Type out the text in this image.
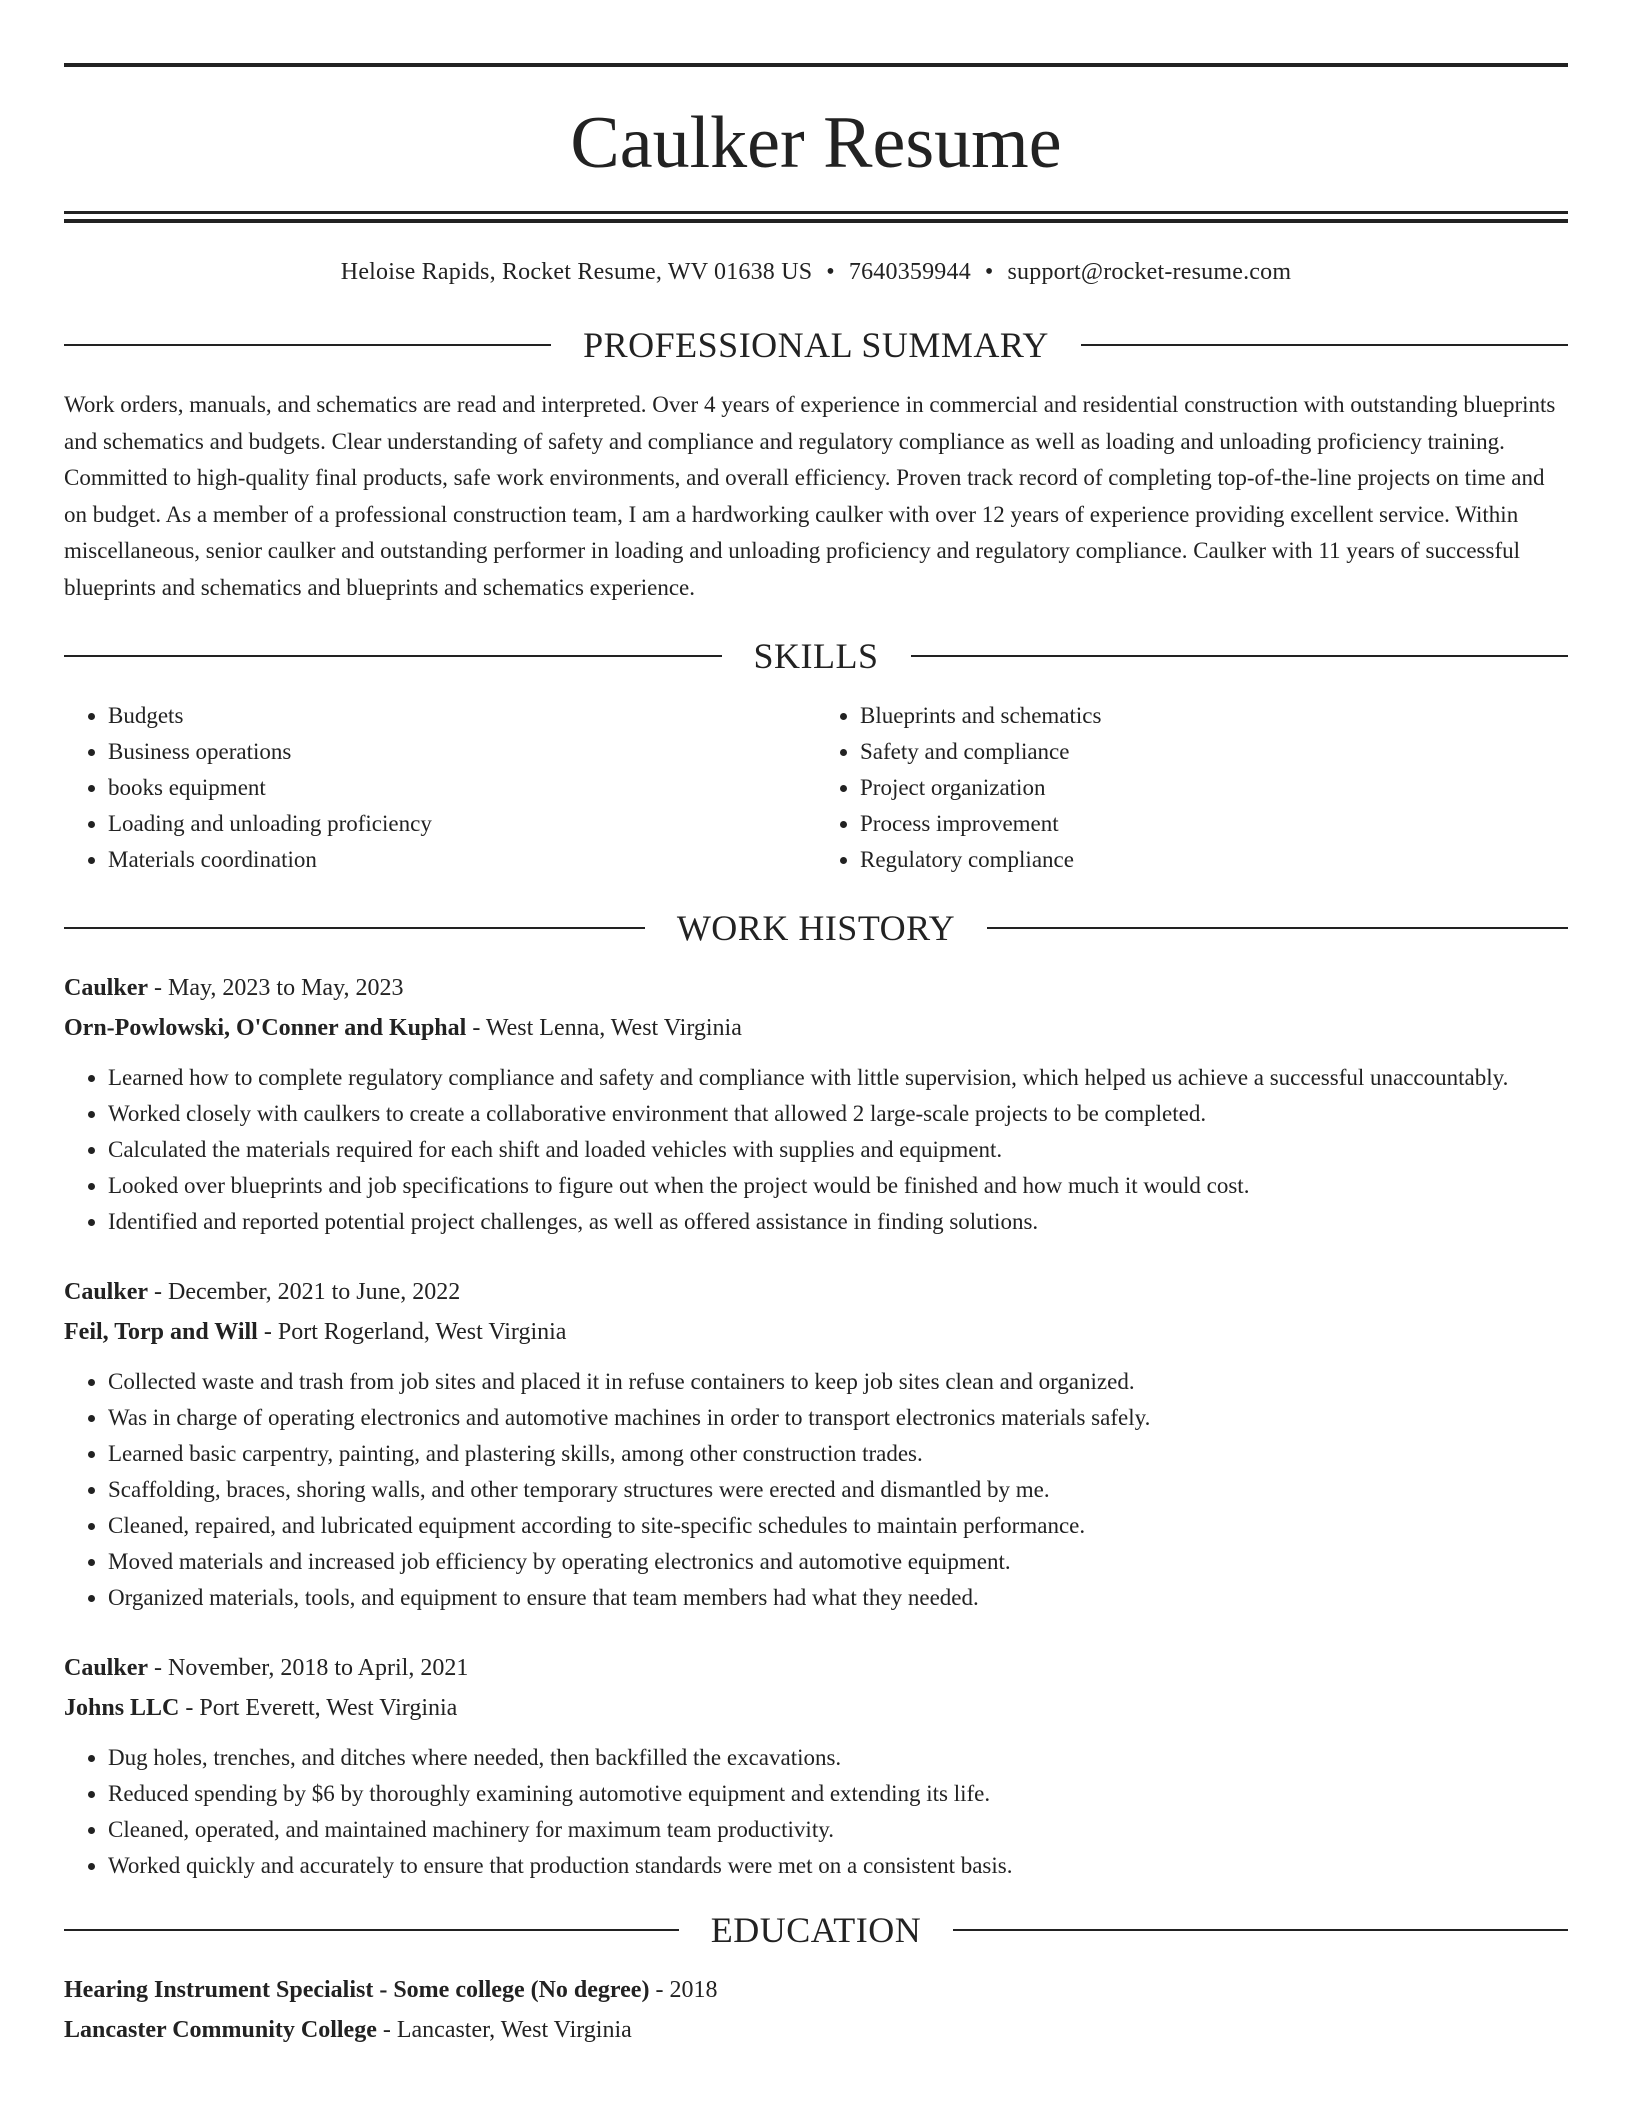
Caulker Resume
Heloise Rapids, Rocket Resume, WV 01638 US • 7640359944 • support@rocket-resume.com
PROFESSIONAL SUMMARY
Work orders, manuals, and schematics are read and interpreted. Over 4 years of experience in commercial and residential construction with outstanding blueprints and schematics and budgets. Clear understanding of safety and compliance and regulatory compliance as well as loading and unloading proficiency training. Committed to high-quality final products, safe work environments, and overall efficiency. Proven track record of completing top-of-the-line projects on time and on budget. As a member of a professional construction team, I am a hardworking caulker with over 12 years of experience providing excellent service. Within miscellaneous, senior caulker and outstanding performer in loading and unloading proficiency and regulatory compliance. Caulker with 11 years of successful blueprints and schematics and blueprints and schematics experience.
SKILLS
• Budgets
• Business operations
• books equipment
• Loading and unloading proficiency
• Materials coordination
• Blueprints and schematics
• Safety and compliance
• Project organization
• Process improvement
• Regulatory compliance
WORK HISTORY
Caulker - May, 2023 to May, 2023
Orn-Powlowski, O'Conner and Kuphal - West Lenna, West Virginia
• Learned how to complete regulatory compliance and safety and compliance with little supervision, which helped us achieve a successful unaccountably.
• Worked closely with caulkers to create a collaborative environment that allowed 2 large-scale projects to be completed.
• Calculated the materials required for each shift and loaded vehicles with supplies and equipment.
• Looked over blueprints and job specifications to figure out when the project would be finished and how much it would cost.
• Identified and reported potential project challenges, as well as offered assistance in finding solutions.
Caulker - December, 2021 to June, 2022
Feil, Torp and Will - Port Rogerland, West Virginia
• Collected waste and trash from job sites and placed it in refuse containers to keep job sites clean and organized.
• Was in charge of operating electronics and automotive machines in order to transport electronics materials safely.
• Learned basic carpentry, painting, and plastering skills, among other construction trades.
• Scaffolding, braces, shoring walls, and other temporary structures were erected and dismantled by me.
• Cleaned, repaired, and lubricated equipment according to site-specific schedules to maintain performance.
• Moved materials and increased job efficiency by operating electronics and automotive equipment.
• Organized materials, tools, and equipment to ensure that team members had what they needed.
Caulker - November, 2018 to April, 2021
Johns LLC - Port Everett, West Virginia
• Dug holes, trenches, and ditches where needed, then backfilled the excavations.
• Reduced spending by $6 by thoroughly examining automotive equipment and extending its life.
• Cleaned, operated, and maintained machinery for maximum team productivity.
• Worked quickly and accurately to ensure that production standards were met on a consistent basis.
EDUCATION
Hearing Instrument Specialist - Some college (No degree) - 2018
Lancaster Community College - Lancaster, West Virginia
